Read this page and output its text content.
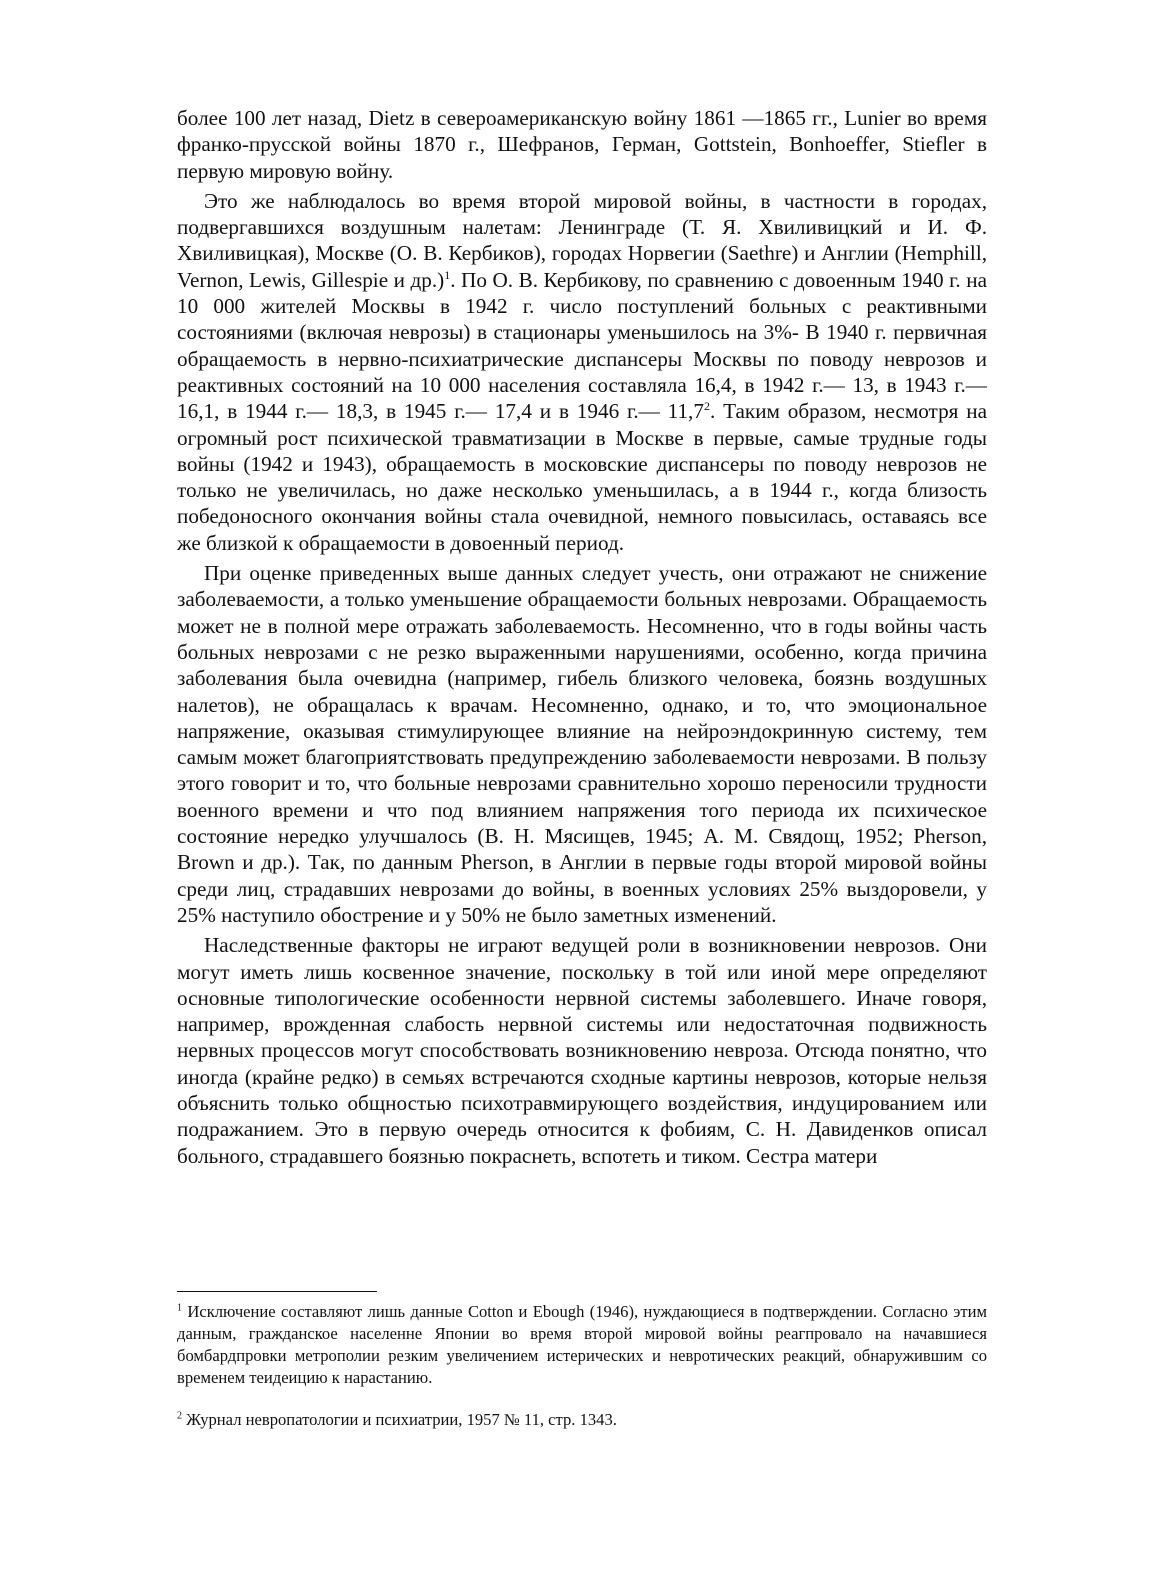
более 100 лет назад, Dietz в североамериканскую войну 1861 —1865 гг., Lunier во время франко-прусской войны 1870 г., Шефранов, Герман, Gottstein, Bonhoeffer, Stiefler в первую мировую войну.

Это же наблюдалось во время второй мировой войны, в частности в городах, подвергавшихся воздушным налетам: Ленинграде (Т. Я. Хвиливицкий и И. Ф. Хвиливицкая), Москве (О. В. Кербиков), городах Норвегии (Saethre) и Англии (Hemphill, Vernon, Lewis, Gillespie и др.)$^1$. По О. В. Кербикову, по сравнению с довоенным 1940 г. на 10 000 жителей Москвы в 1942 г. число поступлений больных с реактивными состояниями (включая неврозы) в стационары уменьшилось на 3%- В 1940 г. первичная обращаемость в нервно-психиатрические диспансеры Москвы по поводу неврозов и реактивных состояний на 10 000 населения составляла 16,4, в 1942 г.— 13, в 1943 г.— 16,1, в 1944 г.— 18,3, в 1945 г.— 17,4 и в 1946 г.— 11,7$^2$. Таким образом, несмотря на огромный рост психической травматизации в Москве в первые, самые трудные годы войны (1942 и 1943), обращаемость в московские диспансеры по поводу неврозов не только не увеличилась, но даже несколько уменьшилась, а в 1944 г., когда близость победоносного окончания войны стала очевидной, немного повысилась, оставаясь все же близкой к обращаемости в довоенный период.

При оценке приведенных выше данных следует учесть, они отражают не снижение заболеваемости, а только уменьшение обращаемости больных неврозами. Обращаемость может не в полной мере отражать заболеваемость. Несомненно, что в годы войны часть больных неврозами с не резко выраженными нарушениями, особенно, когда причина заболевания была очевидна (например, гибель близкого человека, боязнь воздушных налетов), не обращалась к врачам. Несомненно, однако, и то, что эмоциональное напряжение, оказывая стимулирующее влияние на нейроэндокринную систему, тем самым может благоприятствовать предупреждению заболеваемости неврозами. В пользу этого говорит и то, что больные неврозами сравнительно хорошо переносили трудности военного времени и что под влиянием напряжения того периода их психическое состояние нередко улучшалось (В. Н. Мясищев, 1945; А. М. Свядощ, 1952; Pherson, Brown и др.). Так, по данным Pherson, в Англии в первые годы второй мировой войны среди лиц, страдавших неврозами до войны, в военных условиях 25% выздоровели, у 25% наступило обострение и у 50% не было заметных изменений.

Наследственные факторы не играют ведущей роли в возникновении неврозов. Они могут иметь лишь косвенное значение, поскольку в той или иной мере определяют основные типологические особенности нервной системы заболевшего. Иначе говоря, например, врожденная слабость нервной системы или недостаточная подвижность нервных процессов могут способствовать возникновению невроза. Отсюда понятно, что иногда (крайне редко) в семьях встречаются сходные картины неврозов, которые нельзя объяснить только общностью психотравмирующего воздействия, индуцированием или подражанием. Это в первую очередь относится к фобиям, С. Н. Давиденков описал больного, страдавшего боязнью покраснеть, вспотеть и тиком. Сестра матери

$^1$ Исключение составляют лишь данные Cotton и Ebough (1946), нуждающиеся в подтверждении. Согласно этим данным, гражданское населенне Японии во время второй мировой войны реагпровало на начавшиеся бомбардпровки метрополии резким увеличением истерических и невротических реакций, обнаружившим со временем теидеицию к нарастанию.

$^2$ Журнал невропатологии и психиатрии, 1957 № 11, стр. 1343.
